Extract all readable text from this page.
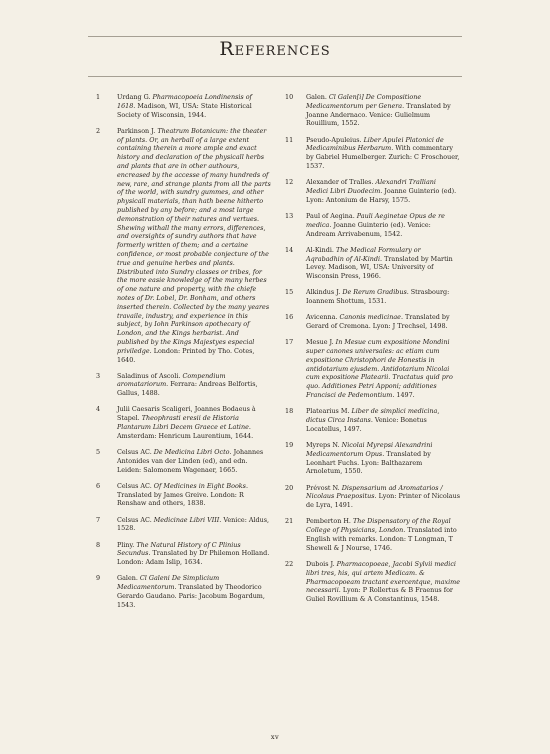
References
1	Urdang G. Pharmacopoeia Londinensis of 1618. Madison, WI, USA: State Historical Society of Wisconsin, 1944.
2	Parkinson J. Theatrum Botanicum: the theater of plants. Or, an herball of a large extent containing therein a more ample and exact history and declaration of the physicall herbs and plants that are in other authours, encreased by the accesse of many hundreds of new, rare, and strange plants from all the parts of the world, with sundry gummes, and other physicall materials, than hath beene hitherto published by any before; and a most large demonstration of their natures and vertues. Shewing withall the many errors, differences, and oversights of sundry authors that have formerly written of them; and a certaine confidence, or most probable conjecture of the true and genuine herbes and plants. Distributed into Sundry classes or tribes, for the more easie knowledge of the many herbes of one nature and property, with the chiefe notes of Dr. Lobel, Dr. Bonham, and others inserted therein. Collected by the many yeares travaile, industry, and experience in this subject, by Iohn Parkinson apothecary of London, and the Kings herbarist. And published by the Kings Majestyes especial priviledge. London: Printed by Tho. Cotes, 1640.
3	Saladinus of Ascoli. Compendium aromatariorum. Ferrara: Andreas Belfortis, Gallus, 1488.
4	Julii Caesaris Scaligeri, Joannes Bodaeus à Stapel. Theophrasti eresii de Historia Plantarum Libri Decem Graece et Latine. Amsterdam: Henricum Laurentium, 1644.
5	Celsus AC. De Medicina Libri Octo. Johannes Antonides van der Linden (ed), and edn. Leiden: Salomonem Wagenaer, 1665.
6	Celsus AC. Of Medicines in Eight Books. Translated by James Greive. London: R Renshaw and others, 1838.
7	Celsus AC. Medicinae Libri VIII. Venice: Aldus, 1528.
8	Pliny. The Natural History of C Plinius Secundus. Translated by Dr Philemon Holland. London: Adam Islip, 1634.
9	Galen. Cl Galeni De Simplicium Medicamentorum. Translated by Theodorico Gerardo Gaudano. Paris: Jacobum Bogardum, 1543.
10	Galen. Cl Galen[i] De Compositione Medicamentorum per Genera. Translated by Joanne Andernaco. Venice: Gulielmum Rouillium, 1552.
11	Pseudo-Apuleius. Liber Apulei Platonici de Medicaminibus Herbarum. With commentary by Gabriel Humelberger. Zurich: C Froschouer, 1537.
12	Alexander of Tralles. Alexandri Tralliani Medici Libri Duodecim. Joanne Guinterio (ed). Lyon: Antonium de Harsy, 1575.
13	Paul of Aegina. Pauli Aeginetae Opus de re medica. Joanne Guinterio (ed). Venice: Andream Arrivabenum, 1542.
14	Al-Kindi. The Medical Formulary or Aqrabadhin of Al-Kindi. Translated by Martin Levey. Madison, WI, USA: University of Wisconsin Press, 1966.
15	Alkindus J. De Rerum Gradibus. Strasbourg: Ioannem Shottum, 1531.
16	Avicenna. Canonis medicinae. Translated by Gerard of Cremona. Lyon: J Trechsel, 1498.
17	Mesue J. In Mesue cum expositione Mondini super canones universales: ac etiam cum expositione Christophori de Honestis in antidotarium ejusdem. Antidotarium Nicolai cum expositione Platearii. Tractatus quid pro quo. Additiones Petri Apponi; additiones Francisci de Pedemontium. 1497.
18	Platearius M. Liber de simplici medicina, dictus Circa Instans. Venice: Bonetus Locatellus, 1497.
19	Myreps N. Nicolai Myrepsi Alexandrini Medicamentorum Opus. Translated by Leonhart Fuchs. Lyon: Balthazarem Arnoletum, 1550.
20	Prévost N. Dispensarium ad Aromatarios / Nicolaus Praepositus. Lyon: Printer of Nicolaus de Lyra, 1491.
21	Pemberton H. The Dispensatory of the Royal College of Physicians, London. Translated into English with remarks. London: T Longman, T Shewell & J Nourse, 1746.
22	Dubois J. Pharmacopoeae, Jacobi Sylvii medici libri tres, his, qui artem Medicam. & Pharmacopoeam tractant exercentque, maxime necessarii. Lyon: P Rollertus & B Fraenus for Guliel Rovillium & A Constantinus, 1548.
xv
